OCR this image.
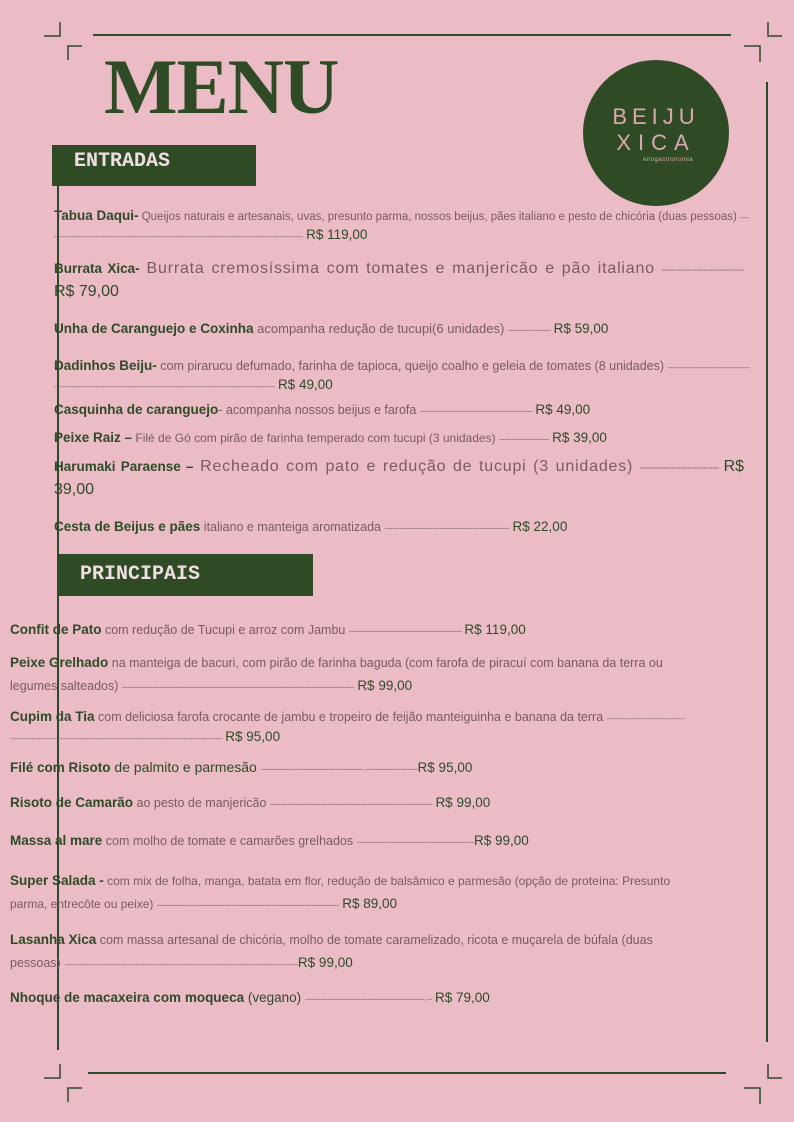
MENU	BEIJU
XICA
enogastronomia
ENTRADAS
Tabua Daqui- Queijos naturais e artesanais, uvas, presunto parma, nossos beijus, pães italiano e pesto de chicória (duas pessoas) ----------------------------------------------------------------------------------------------------------------------- R$ 119,00
Burrata Xica- Burrata cremosíssima com tomates e manjericão e pão italiano -------------------------- R$ 79,00
Unha de Caranguejo e Coxinha acompanha redução de tucupi(6 unidades) ----------------- R$ 59,00
Dadinhos Beiju- com pirarucu defumado, farinha de tapioca, queijo coalho e geleia de tomates (8 unidades) -------------------------------------------------------------------------------------------------------------------------------------------- R$ 49,00
Casquinha de caranguejo- acompanha nossos beijus e farofa --------------------------------------------- R$ 49,00
Peixe Raiz – Filé de Gó com pirão de farinha temperado com tucupi (3 unidades) -------------------- R$ 39,00
Harumaki Paraense – Recheado com pato e redução de tucupi (3 unidades) ------------------------- R$ 39,00
Cesta de Beijus e pães italiano e manteiga aromatizada -------------------------------------------------- R$ 22,00
PRINCIPAIS
Confit de Pato com redução de Tucupi e arroz com Jambu --------------------------------------------- R$ 119,00
Peixe Grelhado na manteiga de bacuri, com pirão de farinha baguda (com farofa de piracuí com banana da terra ou legumes salteados) --------------------------------------------------------------------------------------------- R$ 99,00
Cupim da Tia com deliciosa farofa crocante de jambu e tropeiro de feijão manteiguinha e banana da terra -------------------------------------------------------------------------------------------------------------------------------------- R$ 95,00
Filé com Risoto de palmito e parmesão -----------------------------------------.---------------------R$ 95,00
Risoto de Camarão ao pesto de manjericão ----------------------------------------------------------------- R$ 99,00
Massa al mare com molho de tomate e camarões grelhados -----------------------------------------------R$ 99,00
Super Salada - com mix de folha, manga, batata em flor, redução de balsâmico e parmesão (opção de proteína: Presunto parma, entrecôte ou peixe) ------------------------------------------------------------------------- R$ 89,00
Lasanha Xica com massa artesanal de chicória, molho de tomate caramelizado, ricota e muçarela de búfala (duas pessoas) ------------------------------------------------------------------------------------------------------------R$ 99,00
Nhoque de macaxeira com moqueca (vegano) ------------------------------------------------.-- R$ 79,00
